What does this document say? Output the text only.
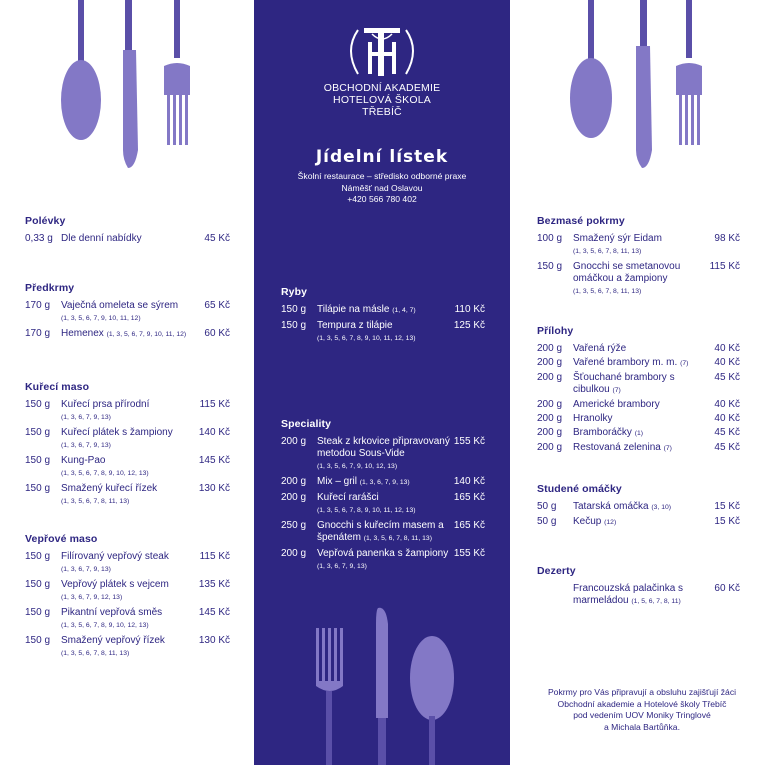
Polévky
0,33 g Dle denní nabídky	45 Kč
Předkrmy
170 g	Vaječná omeleta se sýrem
(1, 3, 5, 6, 7, 9, 10, 11, 12)
65 Kč
170 g	Hemenex (1, 3, 5, 6, 7, 9, 10, 11, 12)	60 Kč
Kuřecí maso
150 g	Kuřecí prsa přírodní
(1, 3, 6, 7, 9, 13)
115 Kč
150 g	Kuřecí plátek s žampiony
(1, 3, 6, 7, 9, 13)
140 Kč
150 g	Kung-Pao
(1, 3, 5, 6, 7, 8, 9, 10, 12, 13)
145 Kč
150 g	Smažený kuřecí řízek
(1, 3, 5, 6, 7, 8, 11, 13)
130 Kč
Vepřové maso
150 g	Filírovaný vepřový steak
(1, 3, 6, 7, 9, 13)
115 Kč
150 g	Vepřový plátek s vejcem
(1, 3, 6, 7, 9, 12, 13)
135 Kč
150 g	Pikantní vepřová směs
(1, 3, 5, 6, 7, 8, 9, 10, 12, 13)
145 Kč
150 g	Smažený vepřový řízek
(1, 3, 5, 6, 7, 8, 11, 13)
130 Kč
OBCHODNÍ AKADEMIE
HOTELOVÁ ŠKOLA
TŘEBÍČ
Jídelní lístek
Školní restaurace – středisko odborné praxe
Náměšť nad Oslavou
+420 566 780 402
Ryby
150 g	Tilápie na másle (1, 4, 7)	110 Kč
150 g	Tempura z tilápie
(1, 3, 5, 6, 7, 8, 9, 10, 11, 12, 13)
125 Kč
Speciality
200 g	Steak z krkovice připravovaný metodou Sous-Vide
(1, 3, 5, 6, 7, 9, 10, 12, 13)
155 Kč
200 g	Mix – gril (1, 3, 6, 7, 9, 13)	140 Kč
200 g	Kuřecí rarášci
(1, 3, 5, 6, 7, 8, 9, 10, 11, 12, 13)
165 Kč
250 g	Gnocchi s kuřecím masem a špenátem (1, 3, 5, 6, 7, 8, 11, 13)
165 Kč
200 g	Vepřová panenka s žampiony (1, 3, 6, 7, 9, 13)
155 Kč
Bezmasé pokrmy
100 g	Smažený sýr Eidam
(1, 3, 5, 6, 7, 8, 11, 13)
98 Kč
150 g	Gnocchi se smetanovou omáčkou a žampiony
(1, 3, 5, 6, 7, 8, 11, 13)
115 Kč
Přílohy
200 g	Vařená rýže	40 Kč
200 g	Vařené brambory m. m. (7)	40 Kč
200 g	Šťouchané brambory s cibulkou (7)
45 Kč
200 g	Americké brambory	40 Kč
200 g	Hranolky	40 Kč
200 g	Bramboráčky (1)	45 Kč
200 g	Restovaná zelenina (7)	45 Kč
Studené omáčky
50 g	Tatarská omáčka (3, 10)	15 Kč
50 g	Kečup (12)	15 Kč
Dezerty
Francouzská palačinka s marmeládou (1, 5, 6, 7, 8, 11)
60 Kč
Pokrmy pro Vás připravují a obsluhu zajišťují žáci
Obchodní akademie a Hotelové školy Třebíč
pod vedením UOV Moniky Tringlové
a Michala Bartůňka.
